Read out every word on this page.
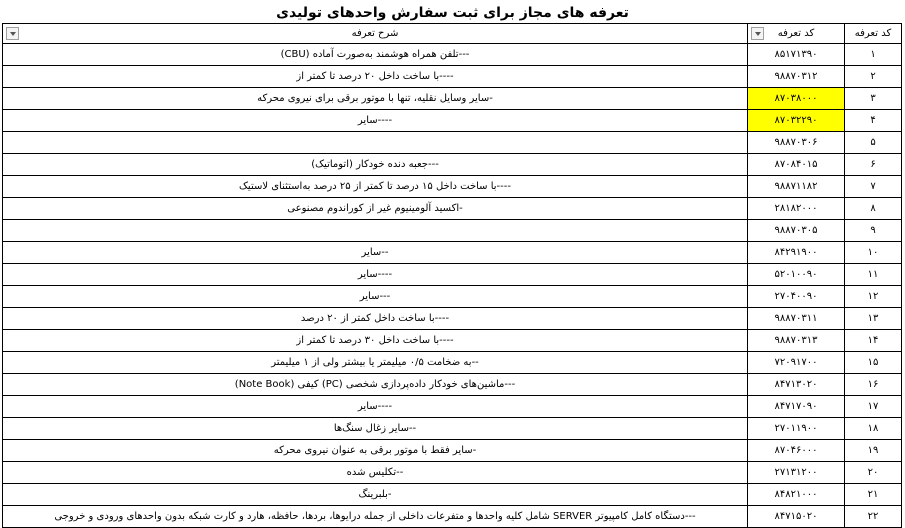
تعرفه های مجاز برای ثبت سفارش واحدهای تولیدی
کد تعرفه	کد تعرفه	شرح تعرفه

۱	۸۵۱۷۱۳۹۰	---تلفن همراه هوشمند به‌صورت آماده (CBU)
۲	۹۸۸۷۰۳۱۲	----با ساخت داخل ۲۰ درصد تا کمتر از
۳	۸۷۰۳۸۰۰۰	-سایر وسایل نقلیه، تنها با موتور برقی برای نیروی محرکه
۴	۸۷۰۳۲۲۹۰	----سایر
۵	۹۸۸۷۰۳۰۶	
۶	۸۷۰۸۴۰۱۵	---جعبه دنده خودکار (اتوماتیک)
۷	۹۸۸۷۱۱۸۲	----با ساخت داخل ۱۵ درصد تا کمتر از ۲۵ درصد به‌استثنای لاستیک
۸	۲۸۱۸۲۰۰۰	-اکسید آلومینیوم غیر از کوراندوم مصنوعی
۹	۹۸۸۷۰۳۰۵	
۱۰	۸۴۲۹۱۹۰۰	--سایر
۱۱	۵۲۰۱۰۰۹۰	----سایر
۱۲	۲۷۰۴۰۰۹۰	---سایر
۱۳	۹۸۸۷۰۳۱۱	----با ساخت داخل کمتر از ۲۰ درصد
۱۴	۹۸۸۷۰۳۱۳	----با ساخت داخل ۳۰ درصد تا کمتر از
۱۵	۷۲۰۹۱۷۰۰	--به ضخامت ۰/۵ میلیمتر یا بیشتر ولی از ۱ میلیمتر
۱۶	۸۴۷۱۳۰۲۰	---ماشین‌های خودکار داده‌پردازی شخصی (PC) کیفی (Note Book)
۱۷	۸۴۷۱۷۰۹۰	----سایر
۱۸	۲۷۰۱۱۹۰۰	--سایر زغال سنگ‌ها
۱۹	۸۷۰۴۶۰۰۰	-سایر فقط با موتور برقی به عنوان نیروی محرکه
۲۰	۲۷۱۳۱۲۰۰	--تکلیس شده
۲۱	۸۴۸۲۱۰۰۰	-بلبرینگ
۲۲	۸۴۷۱۵۰۲۰	---دستگاه کامل کامپیوتر SERVER شامل کلیه واحدها و متفرعات داخلی از جمله درایوها، بردها، حافظه، هارد و کارت شبکه بدون واحدهای ورودی و خروجی
